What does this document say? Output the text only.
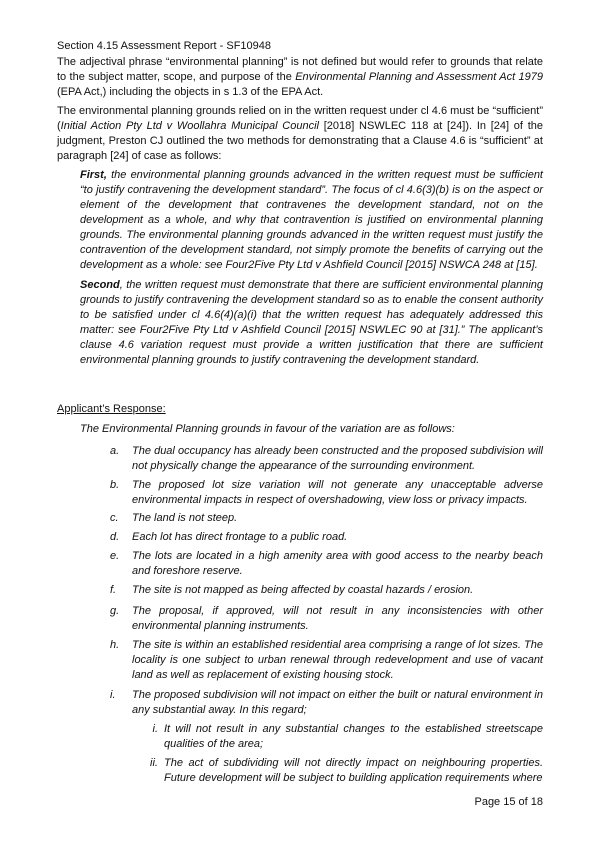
Section 4.15 Assessment Report - SF10948

The adjectival phrase “environmental planning” is not defined but would refer to grounds that relate to the subject matter, scope, and purpose of the Environmental Planning and Assessment Act 1979 (EPA Act,) including the objects in s 1.3 of the EPA Act.

The environmental planning grounds relied on in the written request under cl 4.6 must be “sufficient” (Initial Action Pty Ltd v Woollahra Municipal Council [2018] NSWLEC 118 at [24]). In [24] of the judgment, Preston CJ outlined the two methods for demonstrating that a Clause 4.6 is “sufficient” at paragraph [24] of case as follows:

First, the environmental planning grounds advanced in the written request must be sufficient “to justify contravening the development standard”. The focus of cl 4.6(3)(b) is on the aspect or element of the development that contravenes the development standard, not on the development as a whole, and why that contravention is justified on environmental planning grounds. The environmental planning grounds advanced in the written request must justify the contravention of the development standard, not simply promote the benefits of carrying out the development as a whole: see Four2Five Pty Ltd v Ashfield Council [2015] NSWCA 248 at [15].

Second, the written request must demonstrate that there are sufficient environmental planning grounds to justify contravening the development standard so as to enable the consent authority to be satisfied under cl 4.6(4)(a)(i) that the written request has adequately addressed this matter: see Four2Five Pty Ltd v Ashfield Council [2015] NSWLEC 90 at [31].” The applicant’s clause 4.6 variation request must provide a written justification that there are sufficient environmental planning grounds to justify contravening the development standard.

Applicant’s Response:
The Environmental Planning grounds in favour of the variation are as follows:
a.	The dual occupancy has already been constructed and the proposed subdivision will not physically change the appearance of the surrounding environment.
b.	The proposed lot size variation will not generate any unacceptable adverse environmental impacts in respect of overshadowing, view loss or privacy impacts.
c.	The land is not steep.
d.	Each lot has direct frontage to a public road.
e.	The lots are located in a high amenity area with good access to the nearby beach and foreshore reserve.
f.	The site is not mapped as being affected by coastal hazards / erosion.
g.	The proposal, if approved, will not result in any inconsistencies with other environmental planning instruments.
h.	The site is within an established residential area comprising a range of lot sizes. The locality is one subject to urban renewal through redevelopment and use of vacant land as well as replacement of existing housing stock.
i.	The proposed subdivision will not impact on either the built or natural environment in any substantial away. In this regard;
i. It will not result in any substantial changes to the established streetscape qualities of the area;
ii. The act of subdividing will not directly impact on neighbouring properties. Future development will be subject to building application requirements where
Page 15 of 18
